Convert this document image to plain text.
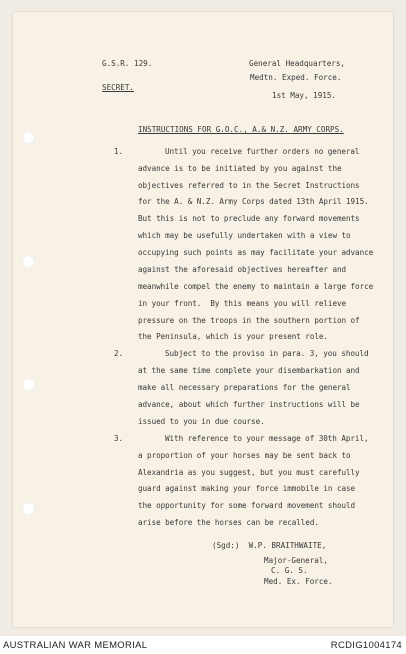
G.S.R. 129.
SECRET.
General Headquarters,
Medtn. Exped. Force.
1st May, 1915.
INSTRUCTIONS FOR G.O.C., A.& N.Z. ARMY CORPS.
1.	Until you receive further orders no general
advance is to be initiated by you against the
objectives referred to in the Secret Instructions
for the A. & N.Z. Army Corps dated 13th April 1915.
But this is not to preclude any forward movements
which may be usefully undertaken with a view to
occupying such points as may facilitate your advance
against the aforesaid objectives hereafter and
meanwhile compel the enemy to maintain a large force
in your front.  By this means you will relieve
pressure on the troops in the southern portion of
the Peninsula, which is your present role.
2.	Subject to the proviso in para. 3, you should
at the same time complete your disembarkation and
make all necessary preparations for the general
advance, about which further instructions will be
issued to you in due course.
3.	With reference to your message of 30th April,
a proportion of your horses may be sent back to
Alexandria as you suggest, but you must carefully
guard against making your force immobile in case
the opportunity for some forward movement should
arise before the horses can be recalled.
(Sgd:)  W.P. BRAITHWAITE,
Major-General,
C. G. S.
Med. Ex. Force.
AUSTRALIAN WAR MEMORIAL	RCDIG1004174
